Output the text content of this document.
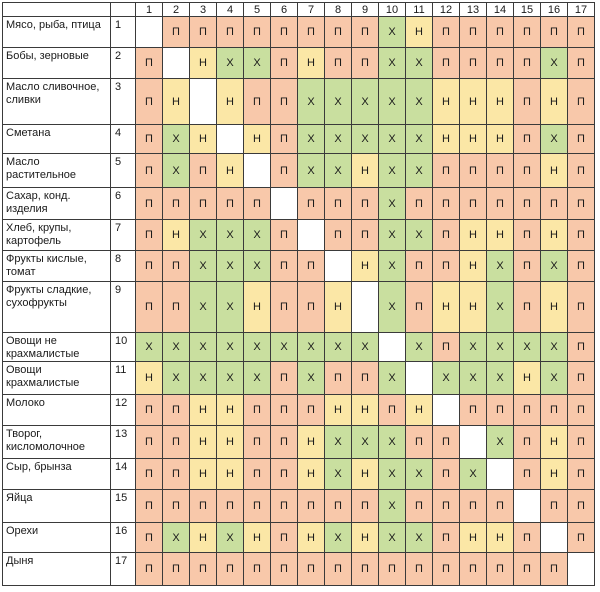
		1	2	3	4	5	6	7	8	9	10	11	12	13	14	15	16	17
Мясо, рыба, птица	1		П	П	П	П	П	П	П	П	Х	Н	П	П	П	П	П	П
Бобы, зерновые	2	П		Н	Х	Х	П	Н	П	П	Х	Х	П	П	П	П	Х	П
Масло сливочное, сливки	3	П	Н		Н	П	П	Х	Х	Х	Х	Х	Н	Н	Н	П	Н	П
Сметана	4	П	Х	Н		Н	П	Х	Х	Х	Х	Х	Н	Н	Н	П	Х	П
Масло растительное	5	П	Х	П	Н		П	Х	Х	Н	Х	Х	П	П	П	П	Н	П
Сахар, конд. изделия	6	П	П	П	П	П		П	П	П	Х	П	П	П	П	П	П	П
Хлеб, крупы, картофель	7	П	Н	Х	Х	Х	П		П	П	Х	Х	П	Н	Н	П	Н	П
Фрукты кислые, томат	8	П	П	Х	Х	Х	П	П		Н	Х	П	П	Н	Х	П	Х	П
Фрукты сладкие, сухофрукты	9	П	П	Х	Х	Н	П	П	Н		Х	П	Н	Н	Х	П	Н	П
Овощи не крахмалистые	10	Х	Х	Х	Х	Х	Х	Х	Х	Х		Х	П	Х	Х	Х	Х	П
Овощи крахмалистые	11	Н	Х	Х	Х	Х	П	Х	П	П	Х		Х	Х	Х	Н	Х	П
Молоко	12	П	П	Н	Н	П	П	П	Н	Н	П	Н		П	П	П	П	П
Творог, кисломолочное	13	П	П	Н	Н	П	П	Н	Х	Х	Х	П	П		Х	П	Н	П
Сыр, брынза	14	П	П	Н	Н	П	П	Н	Х	Н	Х	Х	П	Х		П	Н	П
Яйца	15	П	П	П	П	П	П	П	П	П	Х	П	П	П	П		П	П
Орехи	16	П	Х	Н	Х	Н	П	Н	Х	Н	Х	Х	П	Н	Н	П		П
Дыня	17	П	П	П	П	П	П	П	П	П	П	П	П	П	П	П	П	
